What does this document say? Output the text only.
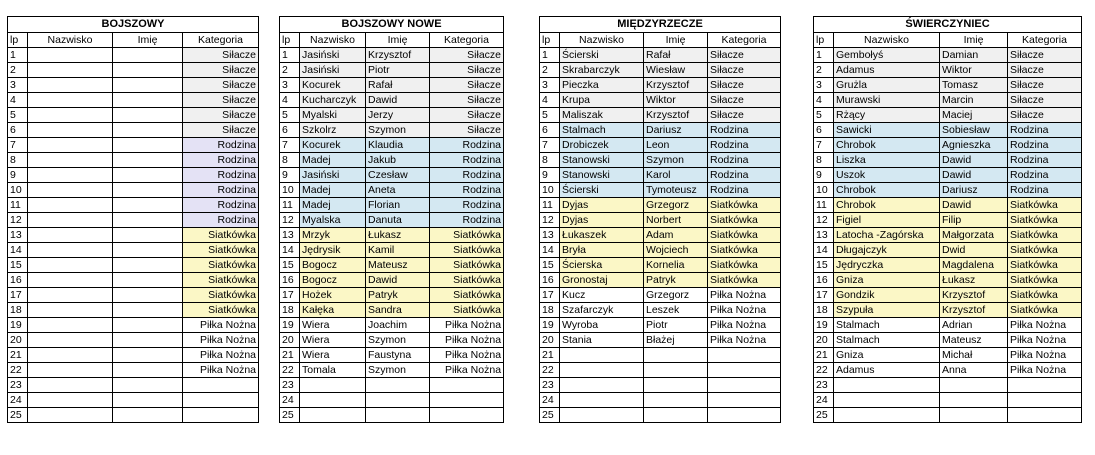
BOJSZOWY			
lp	Nazwisko	Imię	Kategoria
1			Siłacze
2			Siłacze
3			Siłacze
4			Siłacze
5			Siłacze
6			Siłacze
7			Rodzina
8			Rodzina
9			Rodzina
10			Rodzina
11			Rodzina
12			Rodzina
13			Siatkówka
14			Siatkówka
15			Siatkówka
16			Siatkówka
17			Siatkówka
18			Siatkówka
19			Piłka Nożna
20			Piłka Nożna
21			Piłka Nożna
22			Piłka Nożna
23			
24			
25			
BOJSZOWY NOWE			
lp	Nazwisko	Imię	Kategoria
1	Jasiński	Krzysztof	Siłacze
2	Jasiński	Piotr	Siłacze
3	Kocurek	Rafał	Siłacze
4	Kucharczyk	Dawid	Siłacze
5	Myalski	Jerzy	Siłacze
6	Szkolrz	Szymon	Siłacze
7	Kocurek	Klaudia	Rodzina
8	Madej	Jakub	Rodzina
9	Jasiński	Czesław	Rodzina
10	Madej	Aneta	Rodzina
11	Madej	Florian	Rodzina
12	Myalska	Danuta	Rodzina
13	Mrzyk	Łukasz	Siatkówka
14	Jędrysik	Kamil	Siatkówka
15	Bogocz	Mateusz	Siatkówka
16	Bogocz	Dawid	Siatkówka
17	Hożek	Patryk	Siatkówka
18	Kałęka	Sandra	Siatkówka
19	Wiera	Joachim	Piłka Nożna
20	Wiera	Szymon	Piłka Nożna
21	Wiera	Faustyna	Piłka Nożna
22	Tomala	Szymon	Piłka Nożna
23			
24			
25			
MIĘDZYRZECZE			
lp	Nazwisko	Imię	Kategoria
1	Ścierski	Rafał	Siłacze
2	Skrabarczyk	Wiesław	Siłacze
3	Pieczka	Krzysztof	Siłacze
4	Krupa	Wiktor	Siłacze
5	Maliszak	Krzysztof	Siłacze
6	Stalmach	Dariusz	Rodzina
7	Drobiczek	Leon	Rodzina
8	Stanowski	Szymon	Rodzina
9	Stanowski	Karol	Rodzina
10	Ścierski	Tymoteusz	Rodzina
11	Dyjas	Grzegorz	Siatkówka
12	Dyjas	Norbert	Siatkówka
13	Łukaszek	Adam	Siatkówka
14	Bryła	Wojciech	Siatkówka
15	Ścierska	Kornelia	Siatkówka
16	Gronostaj	Patryk	Siatkówka
17	Kucz	Grzegorz	Piłka Nożna
18	Szafarczyk	Leszek	Piłka Nożna
19	Wyroba	Piotr	Piłka Nożna
20	Stania	Błażej	Piłka Nożna
21			
22			
23			
24			
25			
ŚWIERCZYNIEC			
lp	Nazwisko	Imię	Kategoria
1	Gembołyś	Damian	Siłacze
2	Adamus	Wiktor	Siłacze
3	Grużla	Tomasz	Siłacze
4	Murawski	Marcin	Siłacze
5	Rżący	Maciej	Siłacze
6	Sawicki	Sobiesław	Rodzina
7	Chrobok	Agnieszka	Rodzina
8	Liszka	Dawid	Rodzina
9	Uszok	Dawid	Rodzina
10	Chrobok	Dariusz	Rodzina
11	Chrobok	Dawid	Siatkówka
12	Figiel	Filip	Siatkówka
13	Latocha -Zagórska	Małgorzata	Siatkówka
14	Długajczyk	Dwid	Siatkówka
15	Jędryczka	Magdalena	Siatkówka
16	Gniza	Łukasz	Siatkówka
17	Gondzik	Krzysztof	Siatkówka
18	Szypuła	Krzysztof	Siatkówka
19	Stalmach	Adrian	Piłka Nożna
20	Stalmach	Mateusz	Piłka Nożna
21	Gniza	Michał	Piłka Nożna
22	Adamus	Anna	Piłka Nożna
23			
24			
25			
